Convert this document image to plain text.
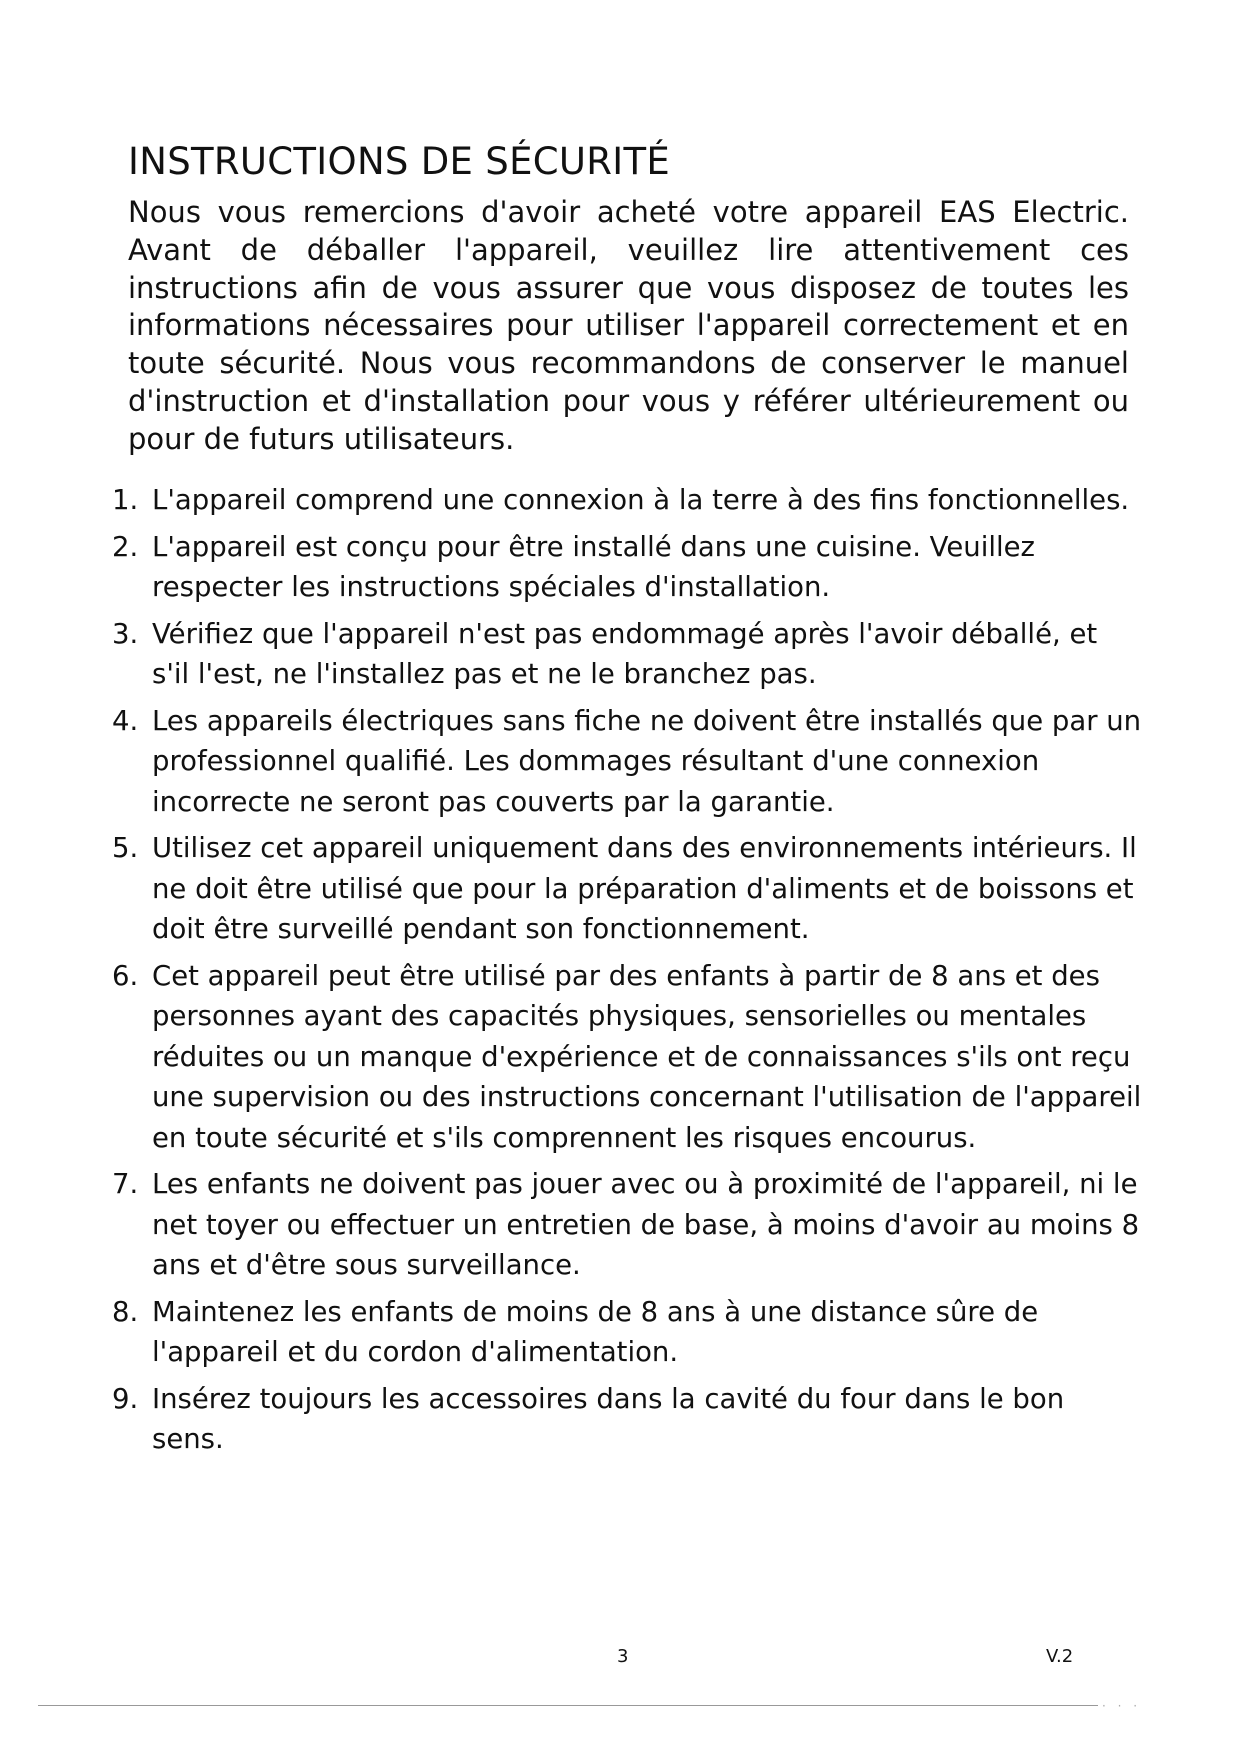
INSTRUCTIONS DE SÉCURITÉ

Nous vous remercions d'avoir acheté votre appareil EAS Electric. Avant de déballer l'appareil, veuillez lire attentivement ces instructions afin de vous assurer que vous disposez de toutes les informations nécessaires pour utiliser l'appareil correctement et en toute sécurité. Nous vous recommandons de conserver le manuel d'instruction et d'installation pour vous y référer ultérieurement ou pour de futurs utilisateurs.

1. L'appareil comprend une connexion à la terre à des fins fonctionnelles.
2. L'appareil est conçu pour être installé dans une cuisine. Veuillez respecter les instructions spéciales d'installation.
3. Vérifiez que l'appareil n'est pas endommagé après l'avoir déballé, et s'il l'est, ne l'installez pas et ne le branchez pas.
4. Les appareils électriques sans fiche ne doivent être installés que par un professionnel qualifié. Les dommages résultant d'une connexion incorrecte ne seront pas couverts par la garantie.
5. Utilisez cet appareil uniquement dans des environnements intérieurs. Il ne doit être utilisé que pour la préparation d'aliments et de boissons et doit être surveillé pendant son fonctionnement.
6. Cet appareil peut être utilisé par des enfants à partir de 8 ans et des personnes ayant des capacités physiques, sensorielles ou mentales réduites ou un manque d'expérience et de connaissances s'ils ont reçu une supervision ou des instructions concernant l'utilisation de l'appareil en toute sécurité et s'ils comprennent les risques encourus.
7. Les enfants ne doivent pas jouer avec ou à proximité de l'appareil, ni le net toyer ou effectuer un entretien de base, à moins d'avoir au moins 8 ans et d'être sous surveillance.
8. Maintenez les enfants de moins de 8 ans à une distance sûre de l'appareil et du cordon d'alimentation.
9. Insérez toujours les accessoires dans la cavité du four dans le bon sens.
3	V.2
· · ·
